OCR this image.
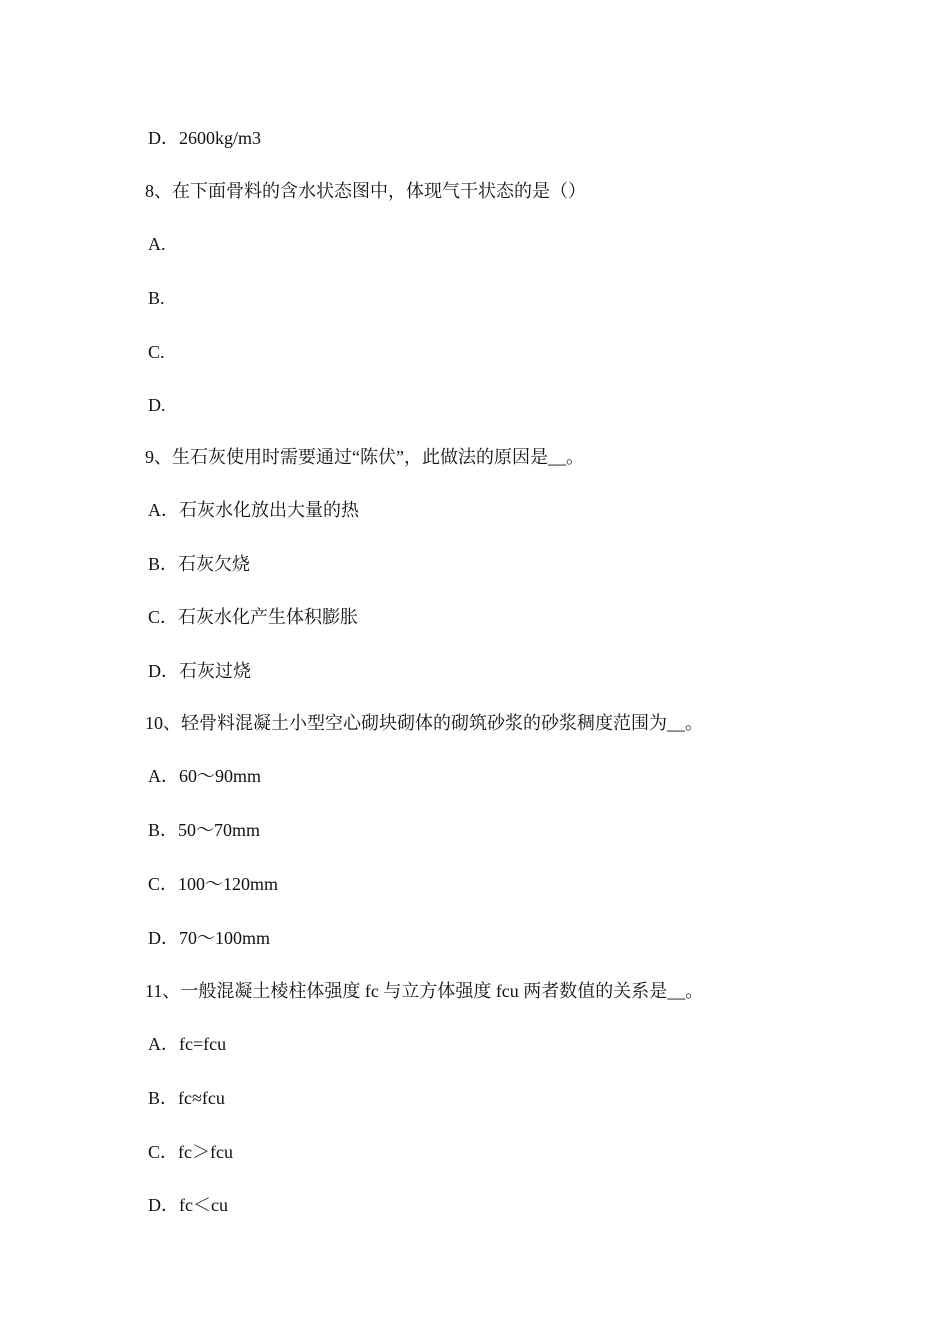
D．2600kg/m3
8、在下面骨料的含水状态图中，体现气干状态的是（）
A.
B.
C.
D.
9、生石灰使用时需要通过“陈伏”，此做法的原因是__。
A．石灰水化放出大量的热
B．石灰欠烧
C．石灰水化产生体积膨胀
D．石灰过烧
10、轻骨料混凝土小型空心砌块砌体的砌筑砂浆的砂浆稠度范围为__。
A．60～90mm
B．50～70mm
C．100～120mm
D．70～100mm
11、一般混凝土棱柱体强度 fc 与立方体强度 fcu 两者数值的关系是__。
A．fc=fcu
B．fc≈fcu
C．fc＞fcu
D．fc＜cu
